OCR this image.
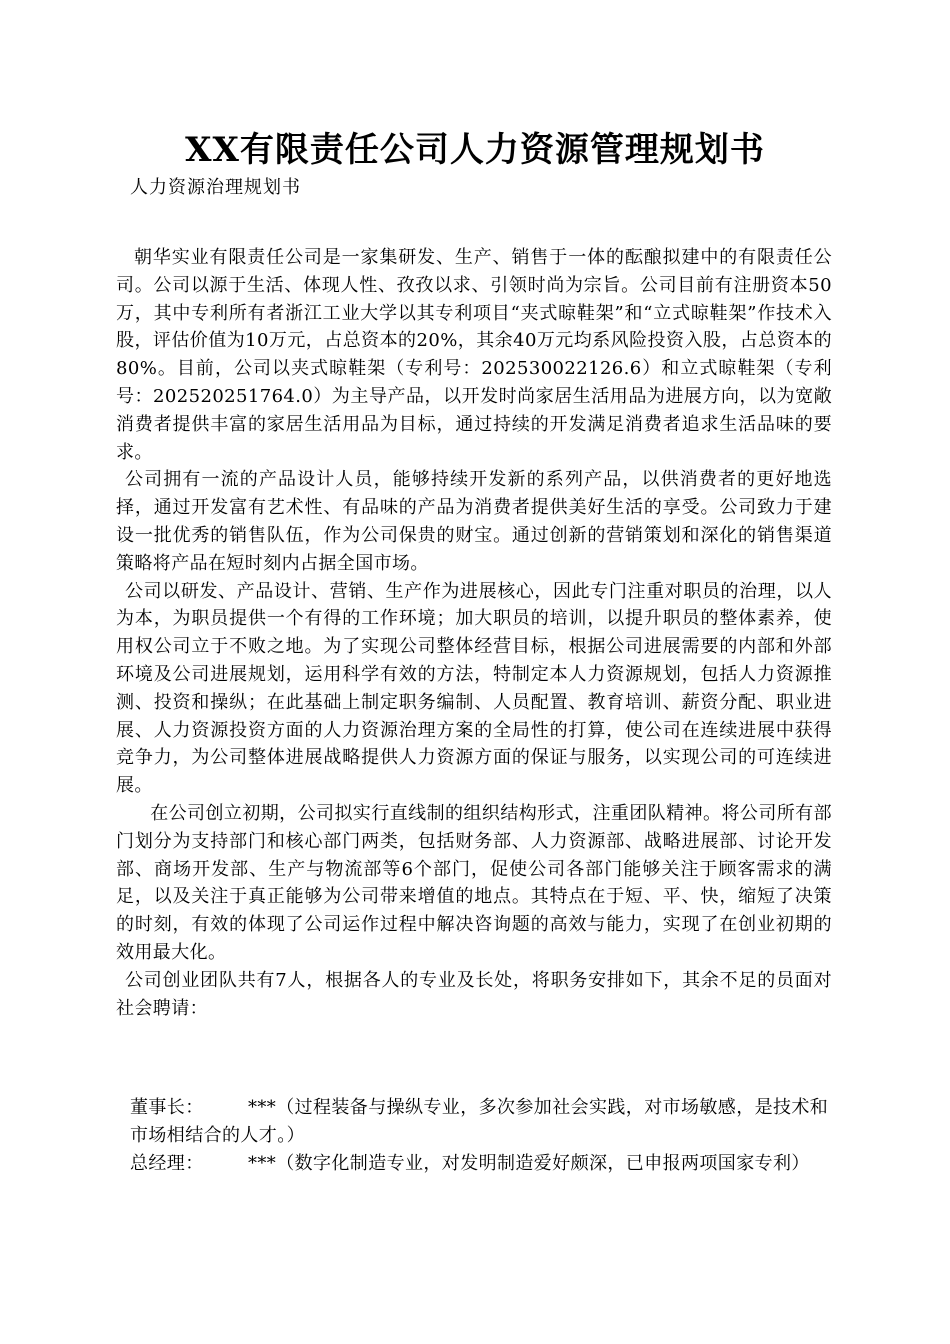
XX有限责任公司人力资源管理规划书

人力资源治理规划书

朝华实业有限责任公司是一家集研发、生产、销售于一体的酝酿拟建中的有限责任公司。公司以源于生活、体现人性、孜孜以求、引领时尚为宗旨。公司目前有注册资本50万，其中专利所有者浙江工业大学以其专利项目“夹式晾鞋架”和“立式晾鞋架”作技术入股，评估价值为10万元，占总资本的20%，其余40万元均系风险投资入股，占总资本的80%。目前，公司以夹式晾鞋架（专利号：202530022126.6）和立式晾鞋架（专利号：202520251764.0）为主导产品，以开发时尚家居生活用品为进展方向，以为宽敞消费者提供丰富的家居生活用品为目标，通过持续的开发满足消费者追求生活品味的要求。

公司拥有一流的产品设计人员，能够持续开发新的系列产品，以供消费者的更好地选择，通过开发富有艺术性、有品味的产品为消费者提供美好生活的享受。公司致力于建设一批优秀的销售队伍，作为公司保贵的财宝。通过创新的营销策划和深化的销售渠道策略将产品在短时刻内占据全国市场。

公司以研发、产品设计、营销、生产作为进展核心，因此专门注重对职员的治理，以人为本，为职员提供一个有得的工作环境；加大职员的培训，以提升职员的整体素养，使用权公司立于不败之地。为了实现公司整体经营目标，根据公司进展需要的内部和外部环境及公司进展规划，运用科学有效的方法，特制定本人力资源规划，包括人力资源推测、投资和操纵；在此基础上制定职务编制、人员配置、教育培训、薪资分配、职业进展、人力资源投资方面的人力资源治理方案的全局性的打算，使公司在连续进展中获得竞争力，为公司整体进展战略提供人力资源方面的保证与服务，以实现公司的可连续进展。

在公司创立初期，公司拟实行直线制的组织结构形式，注重团队精神。将公司所有部门划分为支持部门和核心部门两类，包括财务部、人力资源部、战略进展部、讨论开发部、商场开发部、生产与物流部等6个部门，促使公司各部门能够关注于顾客需求的满足，以及关注于真正能够为公司带来增值的地点。其特点在于短、平、快，缩短了决策的时刻，有效的体现了公司运作过程中解决咨询题的高效与能力，实现了在创业初期的效用最大化。

公司创业团队共有7人，根据各人的专业及长处，将职务安排如下，其余不足的员面对社会聘请：

董事长： ***（过程装备与操纵专业，多次参加社会实践，对市场敏感，是技术和市场相结合的人才。）

总经理： ***（数字化制造专业，对发明制造爱好颇深，已申报两项国家专利）
